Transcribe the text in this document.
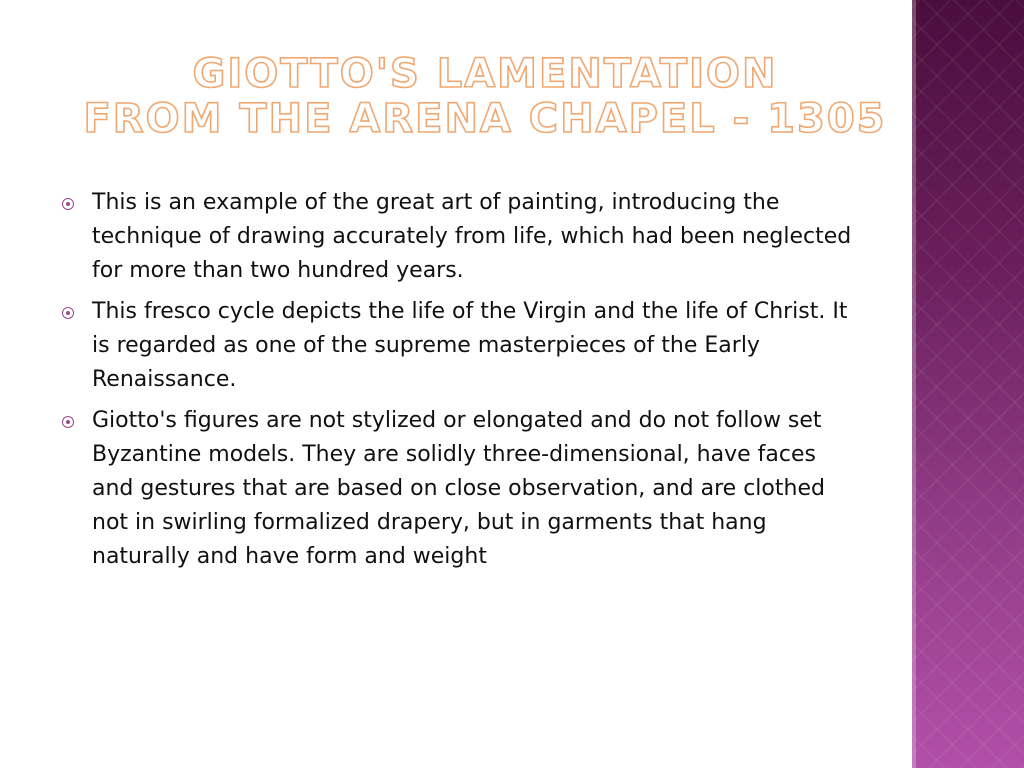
GIOTTO'S LAMENTATION
FROM THE ARENA CHAPEL - 1305
This is an example of the great art of painting, introducing the technique of drawing accurately from life, which had been neglected for more than two hundred years.
This fresco cycle depicts the life of the Virgin and the life of Christ. It is regarded as one of the supreme masterpieces of the Early Renaissance.
Giotto's figures are not stylized or elongated and do not follow set Byzantine models. They are solidly three-dimensional, have faces and gestures that are based on close observation, and are clothed not in swirling formalized drapery, but in garments that hang naturally and have form and weight
